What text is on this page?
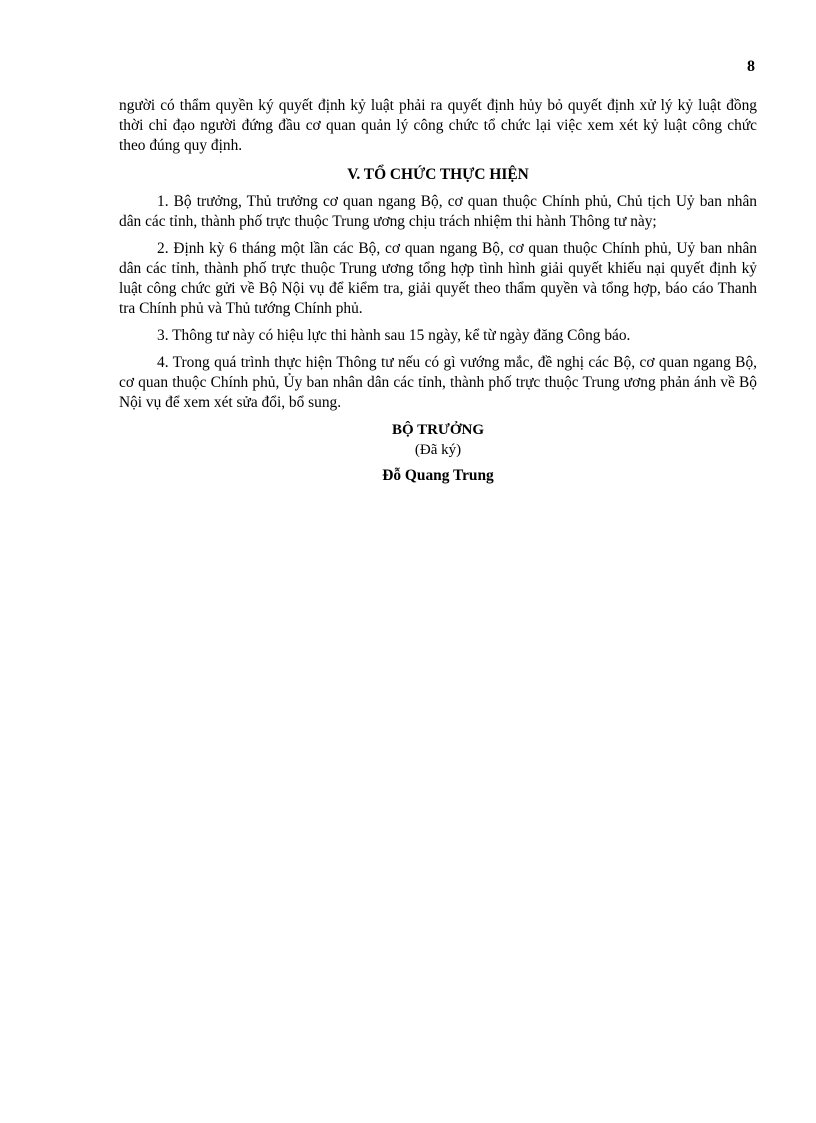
8

người có thẩm quyền ký quyết định kỷ luật phải ra quyết định hủy bỏ quyết định xử lý kỷ luật đồng thời chỉ đạo người đứng đầu cơ quan quản lý công chức tổ chức lại việc xem xét kỷ luật công chức theo đúng quy định.

V. TỔ CHỨC THỰC HIỆN

1. Bộ trưởng, Thủ trưởng cơ quan ngang Bộ, cơ quan thuộc Chính phủ, Chủ tịch Uỷ ban nhân dân các tỉnh, thành phố trực thuộc Trung ương chịu trách nhiệm thi hành Thông tư này;

2. Định kỳ 6 tháng một lần các Bộ, cơ quan ngang Bộ, cơ quan thuộc Chính phủ, Uỷ ban nhân dân các tỉnh, thành phố trực thuộc Trung ương tổng hợp tình hình giải quyết khiếu nại quyết định kỷ luật công chức gửi về Bộ Nội vụ để kiểm tra, giải quyết theo thẩm quyền và tổng hợp, báo cáo Thanh tra Chính phủ và Thủ tướng Chính phủ.

3. Thông tư này có hiệu lực thi hành sau 15 ngày, kể từ ngày đăng Công báo.

4. Trong quá trình thực hiện Thông tư nếu có gì vướng mắc, đề nghị các Bộ, cơ quan ngang Bộ, cơ quan thuộc Chính phủ, Ủy ban nhân dân các tỉnh, thành phố trực thuộc Trung ương phản ánh về Bộ Nội vụ để xem xét sửa đổi, bổ sung.

BỘ TRƯỞNG
(Đã ký)
Đỗ Quang Trung
